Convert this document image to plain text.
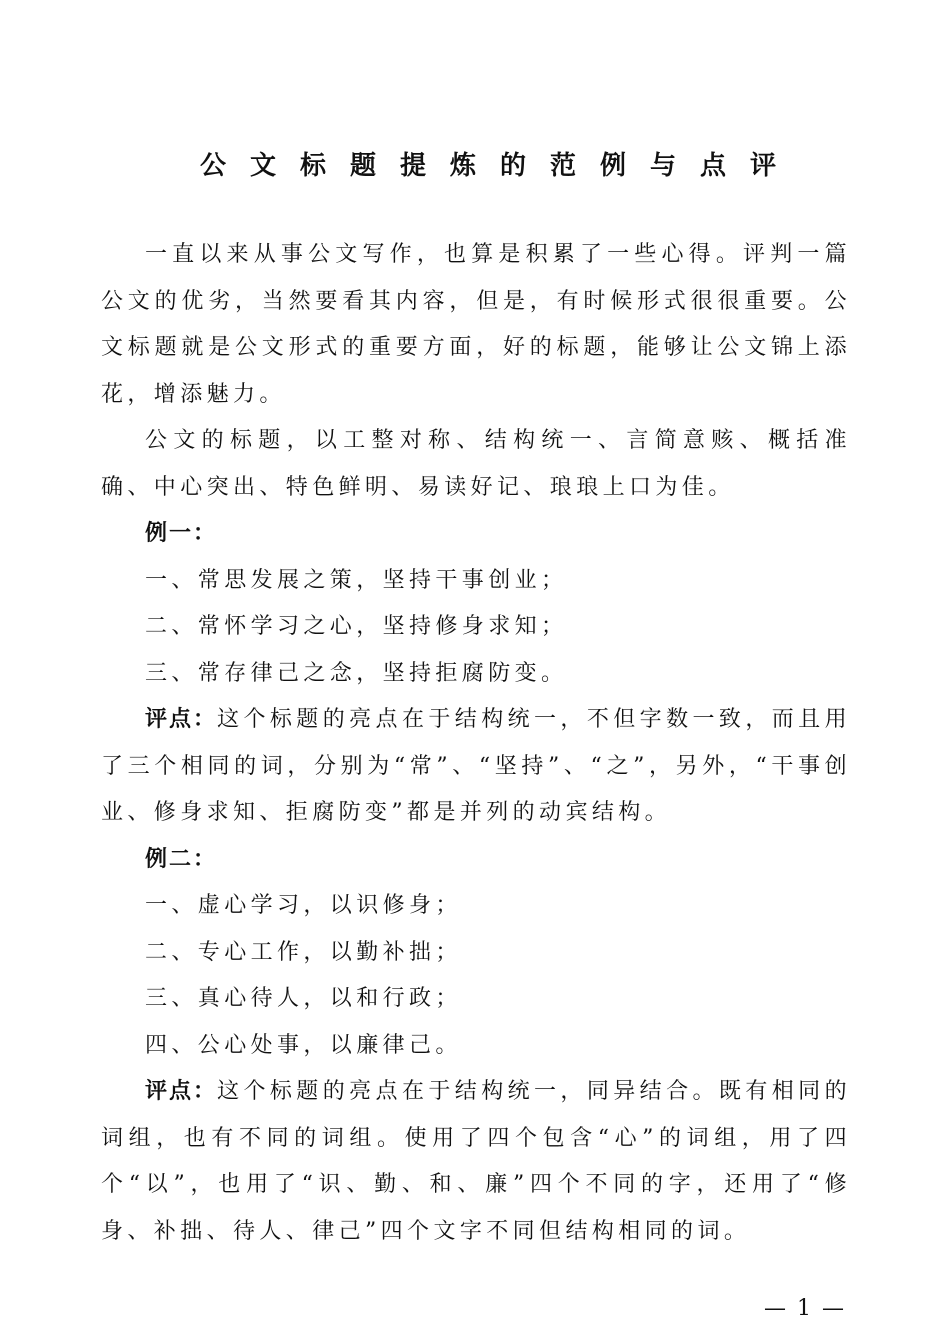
公文标题提炼的范例与点评

一直以来从事公文写作，也算是积累了一些心得。评判一篇公文的优劣，当然要看其内容，但是，有时候形式很很重要。公文标题就是公文形式的重要方面，好的标题，能够让公文锦上添花，增添魅力。

公文的标题，以工整对称、结构统一、言简意赅、概括准确、中心突出、特色鲜明、易读好记、琅琅上口为佳。

例一：

一、常思发展之策，坚持干事创业；

二、常怀学习之心，坚持修身求知；

三、常存律己之念，坚持拒腐防变。

评点：这个标题的亮点在于结构统一，不但字数一致，而且用了三个相同的词，分别为“常”、“坚持”、“之”，另外，“干事创业、修身求知、拒腐防变”都是并列的动宾结构。

例二：

一、虚心学习，以识修身；

二、专心工作，以勤补拙；

三、真心待人，以和行政；

四、公心处事，以廉律己。

评点：这个标题的亮点在于结构统一，同异结合。既有相同的词组，也有不同的词组。使用了四个包含“心”的词组，用了四个“以”，也用了“识、勤、和、廉”四个不同的字，还用了“修身、补拙、待人、律己”四个文字不同但结构相同的词。

— 1 —
